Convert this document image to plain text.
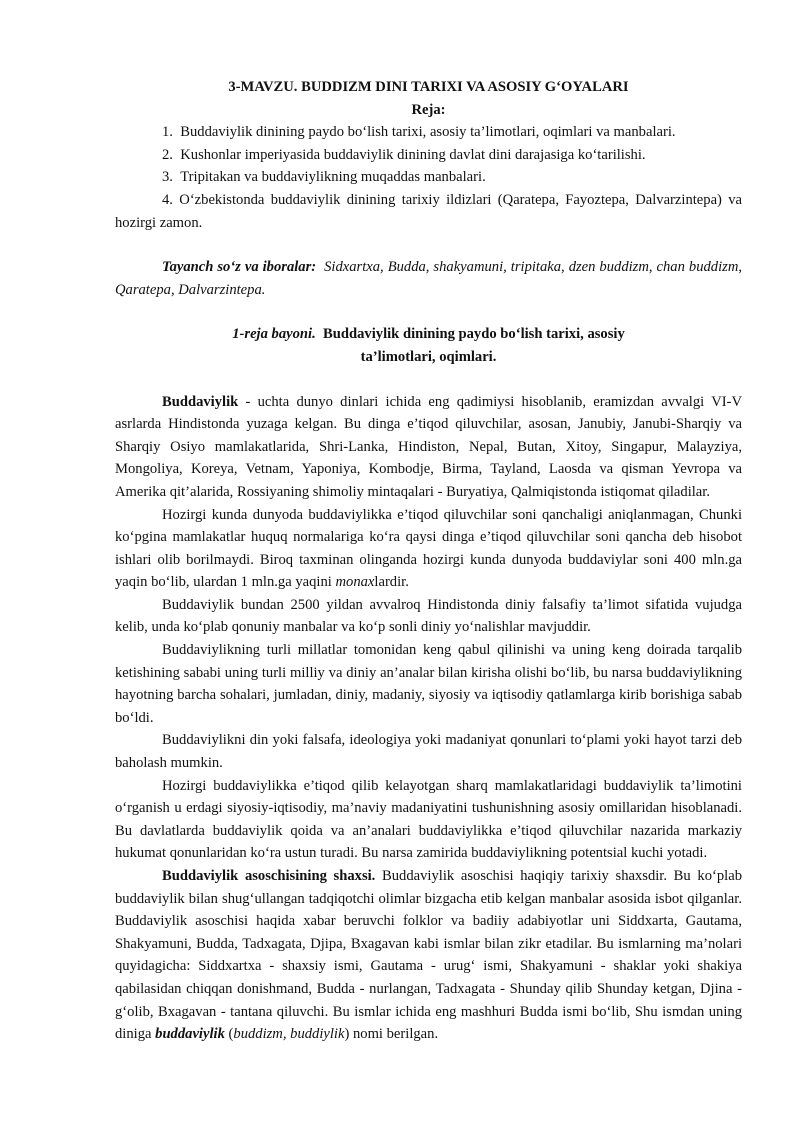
3-MAVZU. BUDDIZM DINI TARIXI VA ASOSIY G‘OYALARI
Reja:
1. Buddaviylik dinining paydo bo‘lish tarixi, asosiy ta’limotlari, oqimlari va manbalari.
2. Kushonlar imperiyasida buddaviylik dinining davlat dini darajasiga ko‘tarilishi.
3. Tripitakan va buddaviylikning muqaddas manbalari.
4. O‘zbekistonda buddaviylik dinining tarixiy ildizlari (Qaratepa, Fayoztepa, Dalvarzintepa) va hozirgi zamon.
Tayanch so‘z va iboralar: Sidxartxa, Budda, shakyamuni, tripitaka, dzen buddizm, chan buddizm, Qaratepa, Dalvarzintepa.
1-reja bayoni. Buddaviylik dinining paydo bo‘lish tarixi, asosiy
ta’limotlari, oqimlari.

Buddaviylik - uchta dunyo dinlari ichida eng qadimiysi hisoblanib, eramizdan avvalgi VI-V asrlarda Hindistonda yuzaga kelgan. Bu dinga e’tiqod qiluvchilar, asosan, Janubiy, Janubi-Sharqiy va Sharqiy Osiyo mamlakatlarida, Shri-Lanka, Hindiston, Nepal, Butan, Xitoy, Singapur, Malayziya, Mongoliya, Koreya, Vetnam, Yaponiya, Kombodje, Birma, Tayland, Laosda va qisman Yevropa va Amerika qit’alarida, Rossiyaning shimoliy mintaqalari - Buryatiya, Qalmiqistonda istiqomat qiladilar.

Hozirgi kunda dunyoda buddaviylikka e’tiqod qiluvchilar soni qanchaligi aniqlanmagan, Chunki ko‘pgina mamlakatlar huquq normalariga ko‘ra qaysi dinga e’tiqod qiluvchilar soni qancha deb hisobot ishlari olib borilmaydi. Biroq taxminan olinganda hozirgi kunda dunyoda buddaviylar soni 400 mln.ga yaqin bo‘lib, ulardan 1 mln.ga yaqini monaxlardir.

Buddaviylik bundan 2500 yildan avvalroq Hindistonda diniy falsafiy ta’limot sifatida vujudga kelib, unda ko‘plab qonuniy manbalar va ko‘p sonli diniy yo‘nalishlar mavjuddir.

Buddaviylikning turli millatlar tomonidan keng qabul qilinishi va uning keng doirada tarqalib ketishining sababi uning turli milliy va diniy an’analar bilan kirisha olishi bo‘lib, bu narsa buddaviylikning hayotning barcha sohalari, jumladan, diniy, madaniy, siyosiy va iqtisodiy qatlamlarga kirib borishiga sabab bo‘ldi.

Buddaviylikni din yoki falsafa, ideologiya yoki madaniyat qonunlari to‘plami yoki hayot tarzi deb baholash mumkin.

Hozirgi buddaviylikka e’tiqod qilib kelayotgan sharq mamlakatlaridagi buddaviylik ta’limotini o‘rganish u erdagi siyosiy-iqtisodiy, ma’naviy madaniyatini tushunishning asosiy omillaridan hisoblanadi. Bu davlatlarda buddaviylik qoida va an’analari buddaviylikka e’tiqod qiluvchilar nazarida markaziy hukumat qonunlaridan ko‘ra ustun turadi. Bu narsa zamirida buddaviylikning potentsial kuchi yotadi.

Buddaviylik asoschisining shaxsi. Buddaviylik asoschisi haqiqiy tarixiy shaxsdir. Bu ko‘plab buddaviylik bilan shug‘ullangan tadqiqotchi olimlar bizgacha etib kelgan manbalar asosida isbot qilganlar. Buddaviylik asoschisi haqida xabar beruvchi folklor va badiiy adabiyotlar uni Siddxarta, Gautama, Shakyamuni, Budda, Tadxagata, Djipa, Bxagavan kabi ismlar bilan zikr etadilar. Bu ismlarning ma’nolari quyidagicha: Siddxartxa - shaxsiy ismi, Gautama - urug‘ ismi, Shakyamuni - shaklar yoki shakiya qabilasidan chiqqan donishmand, Budda - nurlangan, Tadxagata - Shunday qilib Shunday ketgan, Djina - g‘olib, Bxagavan - tantana qiluvchi. Bu ismlar ichida eng mashhuri Budda ismi bo‘lib, Shu ismdan uning diniga buddaviylik (buddizm, buddiylik) nomi berilgan.
